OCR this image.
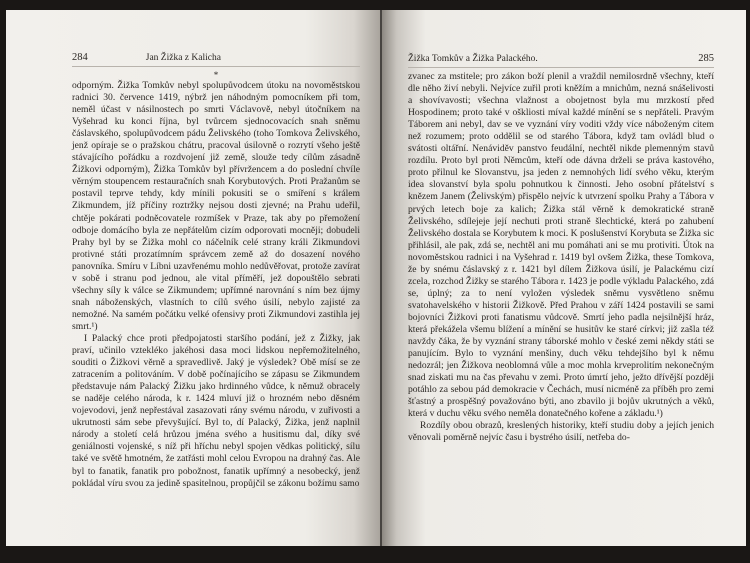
284	Jan Žižka z Kalicha
*

odporným. Žižka Tomkův nebyl spolupůvodcem útoku na novoměstskou radnici 30. července 1419, nýbrž jen náhodným pomocníkem při tom, neměl účast v násilnostech po smrti Václavově, nebyl útočníkem na Vyšehrad ku konci října, byl tvůrcem sjednocovacích snah sněmu čáslavského, spolupůvodcem pádu Želivského (toho Tomkova Želivského, jenž opíraje se o pražskou chátru, pracoval úsilovně o rozrytí všeho ještě stávajícího pořádku a rozdvojení již země, slouže tedy cílům zásadně Žižkovi odporným), Žižka Tomkův byl přívržencem a do poslední chvíle věrným stoupencem restauračních snah Korybutových. Proti Pražanům se postavil teprve tehdy, kdy mínili pokusiti se o smíření s králem Zikmundem, jíž příčiny roztržky nejsou dosti zjevné; na Prahu udeřil, chtěje pokárati podněcovatele rozmíšek v Praze, tak aby po přemožení odboje domácího byla ze nepřátelům cizím odporovati mocněji; dobudeli Prahy byl by se Žižka mohl co náčelník celé strany králi Zikmundovi protivné státi prozatímním správcem země až do dosazení nového panovníka. Smíru v Líbni uzavřenému mohlo nedůvěřovat, protože zavírat v sobě i stranu pod jednou, ale vital příměří, jež dopouštělo sebrati všechny síly k válce se Zikmundem; upřímné narovnání s ním bez újmy snah náboženských, vlastních to cílů svého úsilí, nebylo zajisté za nemožné. Na samém počátku velké ofensivy proti Zikmundovi zastihla jej smrt.¹)

I Palacký chce proti předpojatosti staršího podání, jež z Žižky, jak praví, učinilo vztekléko jakéhosi dasa moci lidskou nepřemožitelného, souditi o Žižkovi věrně a spravedlivě. Jaký je výsledek? Obě mísí se ze zatracením a politováním. V době počínajícího se zápasu se Zikmundem představuje nám Palacký Žižku jako hrdinného vůdce, k němuž obracely se naděje celého národa, k r. 1424 mluví již o hrozném nebo děsném vojevodovi, jenž nepřestával zasazovati rány svému národu, v zuřivosti a ukrutnosti sám sebe převyšující. Byl to, dí Palacký, Žižka, jenž naplnil národy a století celá hrůzou jména svého a husitismu dal, díky své geniálnosti vojenské, s níž při hříchu nebyl spojen vědkas politický, sílu také ve světě hmotném, že zatřásti mohl celou Evropou na drahný čas. Ale byl to fanatik, fanatik pro pobožnost, fanatik upřímný a nesobecký, jenž pokládal víru svou za jedině spasitelnou, propůjčil se zákonu božímu samo

Žižka Tomkův a Žižka Palackého.	285

zvanec za mstitele; pro zákon boží plenil a vraždil nemilosrdně všechny, kteří dle něho živí nebyli. Nejvíce zuřil proti kněžím a mnichům, nezná snášelivosti a shovívavosti; všechna vlažnost a obojetnost byla mu mrzkostí před Hospodinem; proto také v oškliosti míval každé mínění se s nepřáteli. Pravým Táborem ani nebyl, dav se ve vyznání víry voditi vždy více náboženým citem než rozumem; proto oddělil se od starého Tábora, když tam ovládl blud o svátosti oltářní. Nenáviděv panstvo feudální, nechtěl nikde plemenným stavů rozdílu. Proto byl proti Němcům, kteří ode dávna drželi se práva kastového, proto přilnul ke Slovanstvu, jsa jeden z nemnohých lidí svého věku, kterým idea slovanství byla spolu pohnutkou k činnosti. Jeho osobní přátelství s knězem Janem (Želivským) přispělo nejvíc k utvrzení spolku Prahy a Tábora v prvých letech boje za kalich; Žižka stál věrně k demokratické straně Želivského, sdílejeje její nechuti proti straně šlechtické, která po zahubení Želivského dostala se Korybutem k moci. K poslušenství Korybuta se Žižka sic přihlásil, ale pak, zdá se, nechtěl ani mu pomáhati ani se mu protiviti. Útok na novoměstskou radnici i na Vyšehrad r. 1419 byl ovšem Žižka, these Tomkova, že by snému čáslavský z r. 1421 byl dílem Žižkova úsilí, je Palackému cizí zcela, rozchod Žižky se starého Tábora r. 1423 je podle výkladu Palackého, zdá se, úplný; za to není vyložen výsledek sněmu vysvětleno sněmu svatohavelského v historii Žižkově. Před Prahou v září 1424 postavili se sami bojovníci Žižkovi proti fanatismu vůdcově. Smrtí jeho padla nejsilnější hráz, která překážela všemu blížení a mínění se husitův ke staré církvi; již zašla též navždy čáka, že by vyznání strany táborské mohlo v české zemi někdy státi se panujícím. Bylo to vyznání menšiny, duch věku tehdejšího byl k němu nedozrál; jen Žižkova neoblomná vůle a moc mohla krveprolitím nekonečným snad ziskati mu na čas převahu v zemi. Proto úmrtí jeho, ježto dřívější později potáhlo za sebou pád demokracie v Čechách, musí nicméně za příběh pro zemi šťastný a prospěšný považováno býti, ano zbavilo ji bojův ukrutných a věků, která v duchu věku svého neměla donatečného kořene a základu.¹)

Rozdíly obou obrazů, kreslených historiky, kteří studiu doby a jejích jenich věnovali poměrně nejvíc času i bystrého úsilí, netřeba do-
